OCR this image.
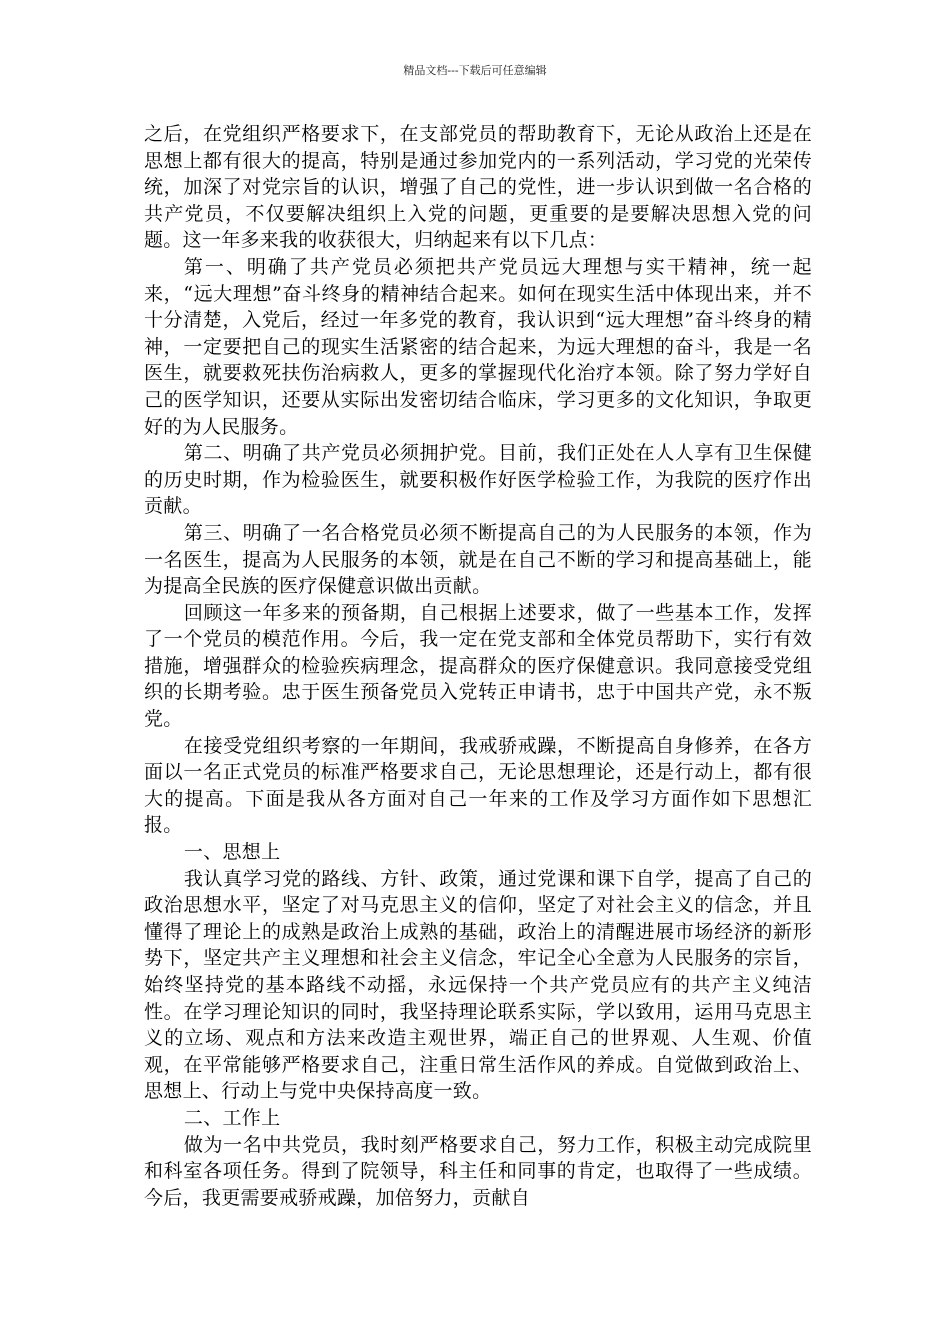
精品文档---下载后可任意编辑

之后，在党组织严格要求下，在支部党员的帮助教育下，无论从政治上还是在思想上都有很大的提高，特别是通过参加党内的一系列活动，学习党的光荣传统，加深了对党宗旨的认识，增强了自己的党性，进一步认识到做一名合格的共产党员，不仅要解决组织上入党的问题，更重要的是要解决思想入党的问题。这一年多来我的收获很大，归纳起来有以下几点：

第一、明确了共产党员必须把共产党员远大理想与实干精神，统一起来，“远大理想”奋斗终身的精神结合起来。如何在现实生活中体现出来，并不十分清楚，入党后，经过一年多党的教育，我认识到“远大理想”奋斗终身的精神，一定要把自己的现实生活紧密的结合起来，为远大理想的奋斗，我是一名医生，就要救死扶伤治病救人，更多的掌握现代化治疗本领。除了努力学好自己的医学知识，还要从实际出发密切结合临床，学习更多的文化知识，争取更好的为人民服务。

第二、明确了共产党员必须拥护党。目前，我们正处在人人享有卫生保健的历史时期，作为检验医生，就要积极作好医学检验工作，为我院的医疗作出贡献。

第三、明确了一名合格党员必须不断提高自己的为人民服务的本领，作为一名医生，提高为人民服务的本领，就是在自己不断的学习和提高基础上，能为提高全民族的医疗保健意识做出贡献。

回顾这一年多来的预备期，自己根据上述要求，做了一些基本工作，发挥了一个党员的模范作用。今后，我一定在党支部和全体党员帮助下，实行有效措施，增强群众的检验疾病理念，提高群众的医疗保健意识。我同意接受党组织的长期考验。忠于医生预备党员入党转正申请书，忠于中国共产党，永不叛党。

在接受党组织考察的一年期间，我戒骄戒躁，不断提高自身修养，在各方面以一名正式党员的标准严格要求自己，无论思想理论，还是行动上，都有很大的提高。下面是我从各方面对自己一年来的工作及学习方面作如下思想汇报。

一、思想上

我认真学习党的路线、方针、政策，通过党课和课下自学，提高了自己的政治思想水平，坚定了对马克思主义的信仰，坚定了对社会主义的信念，并且懂得了理论上的成熟是政治上成熟的基础，政治上的清醒进展市场经济的新形势下，坚定共产主义理想和社会主义信念，牢记全心全意为人民服务的宗旨，始终坚持党的基本路线不动摇，永远保持一个共产党员应有的共产主义纯洁性。在学习理论知识的同时，我坚持理论联系实际，学以致用，运用马克思主义的立场、观点和方法来改造主观世界，端正自己的世界观、人生观、价值观，在平常能够严格要求自己，注重日常生活作风的养成。自觉做到政治上、思想上、行动上与党中央保持高度一致。

二、工作上

做为一名中共党员，我时刻严格要求自己，努力工作，积极主动完成院里和科室各项任务。得到了院领导，科主任和同事的肯定，也取得了一些成绩。今后，我更需要戒骄戒躁，加倍努力，贡献自
